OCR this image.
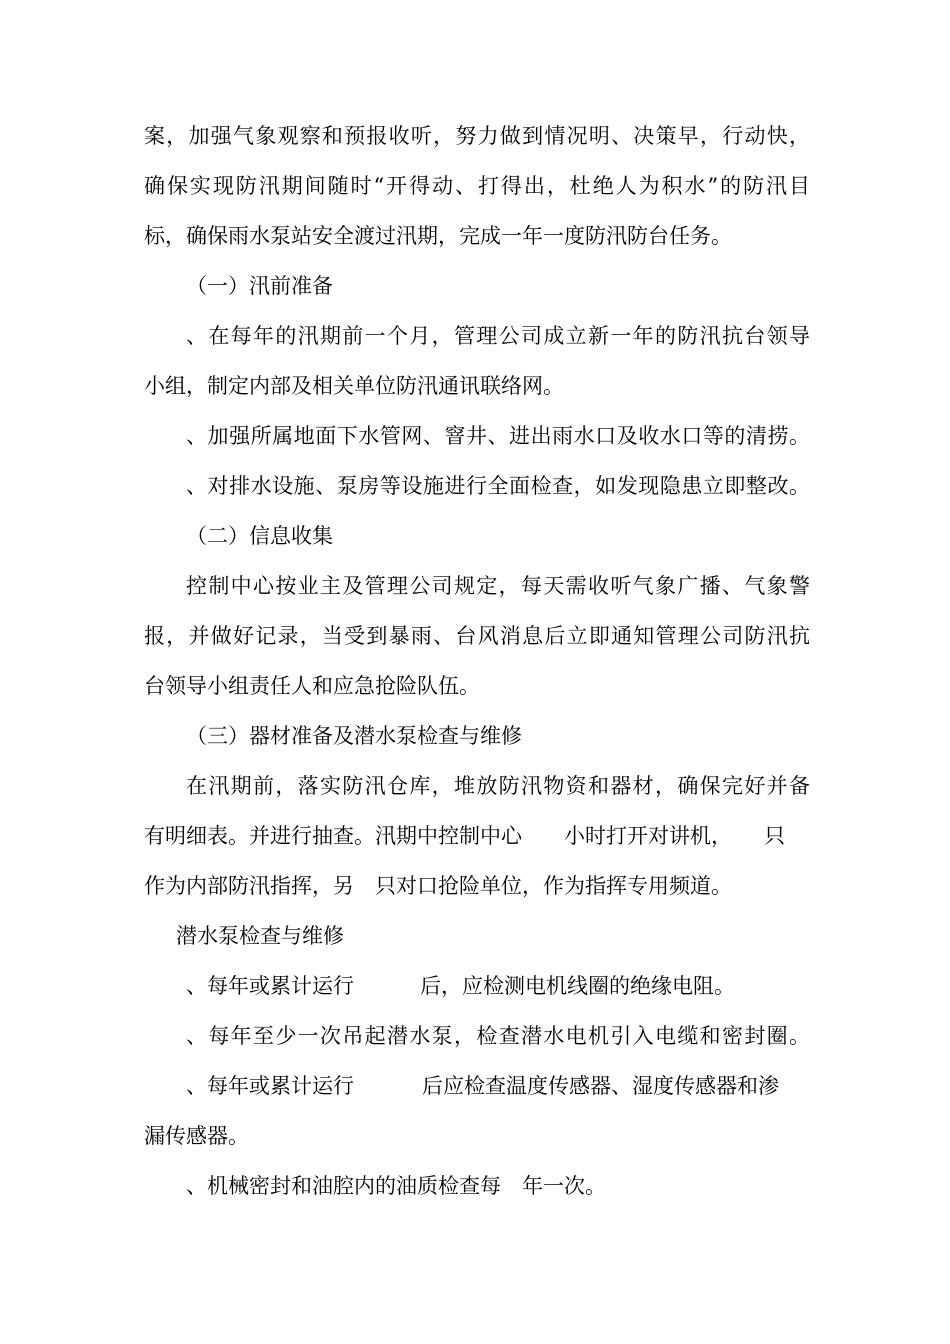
案，加强气象观察和预报收听，努力做到情况明、决策早，行动快，
确保实现防汛期间随时“开得动、打得出，杜绝人为积水”的防汛目
标，确保雨水泵站安全渡过汛期，完成一年一度防汛防台任务。
（一）汛前准备
、在每年的汛期前一个月，管理公司成立新一年的防汛抗台领导
小组，制定内部及相关单位防汛通讯联络网。
、加强所属地面下水管网、窨井、进出雨水口及收水口等的清捞。
、对排水设施、泵房等设施进行全面检查，如发现隐患立即整改。
（二）信息收集
控制中心按业主及管理公司规定，每天需收听气象广播、气象警
报，并做好记录，当受到暴雨、台风消息后立即通知管理公司防汛抗
台领导小组责任人和应急抢险队伍。
（三）器材准备及潜水泵检查与维修
在汛期前，落实防汛仓库，堆放防汛物资和器材，确保完好并备
有明细表。并进行抽查。汛期中控制中心 小时打开对讲机， 只
作为内部防汛指挥，另 只对口抢险单位，作为指挥专用频道。
潜水泵检查与维修
、每年或累计运行	后，应检测电机线圈的绝缘电阻。
、每年至少一次吊起潜水泵，检查潜水电机引入电缆和密封圈。
、每年或累计运行	后应检查温度传感器、湿度传感器和渗
漏传感器。
、机械密封和油腔内的油质检查每 年一次。
